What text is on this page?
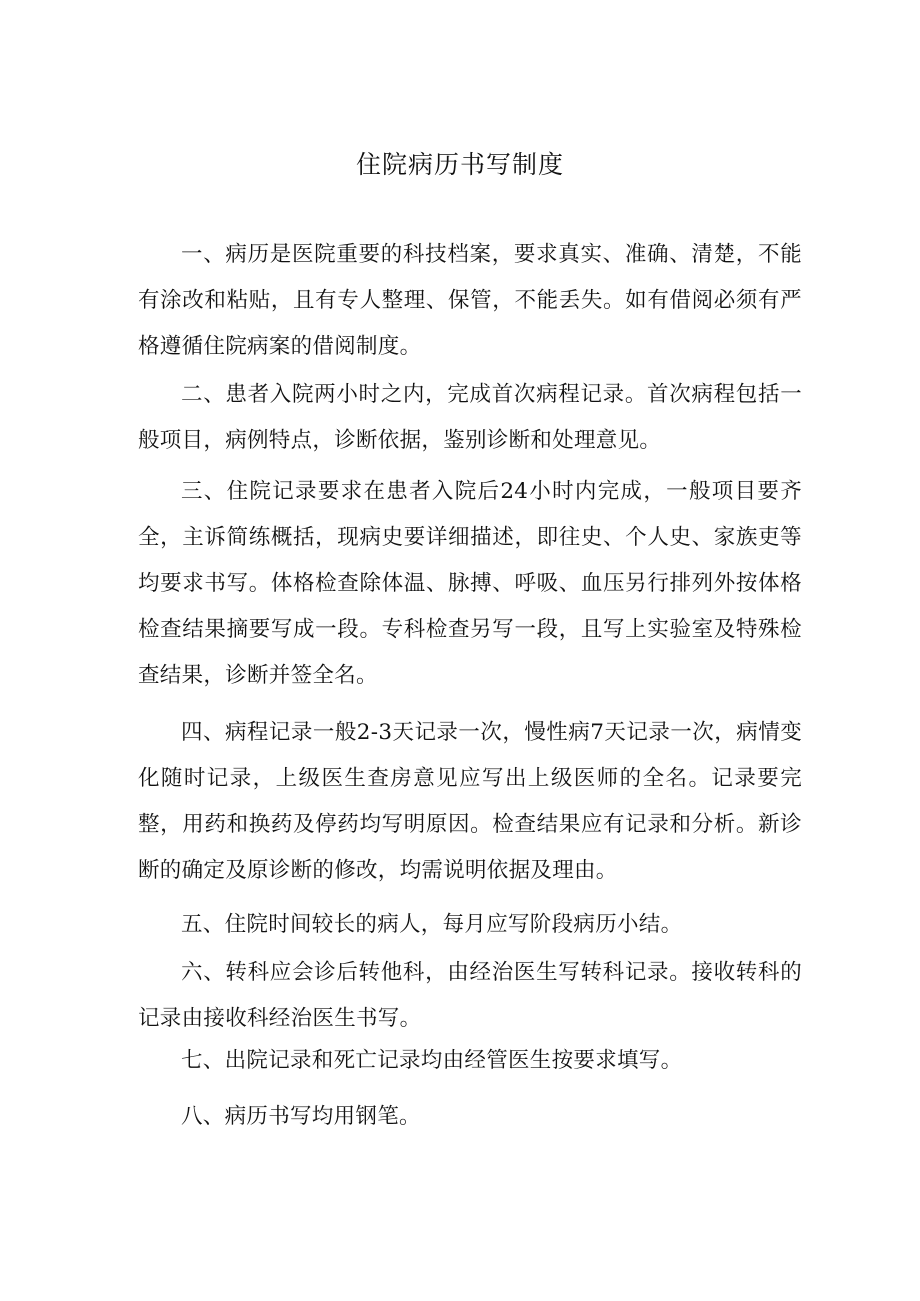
住院病历书写制度

一、病历是医院重要的科技档案，要求真实、准确、清楚，不能有涂改和粘贴，且有专人整理、保管，不能丢失。如有借阅必须有严格遵循住院病案的借阅制度。

二、患者入院两小时之内，完成首次病程记录。首次病程包括一般项目，病例特点，诊断依据，鉴别诊断和处理意见。

三、住院记录要求在患者入院后24小时内完成，一般项目要齐全，主诉简练概括，现病史要详细描述，即往史、个人史、家族吏等均要求书写。体格检查除体温、脉搏、呼吸、血压另行排列外按体格检查结果摘要写成一段。专科检查另写一段，且写上实验室及特殊检查结果，诊断并签全名。

四、病程记录一般2-3天记录一次，慢性病7天记录一次，病情变化随时记录，上级医生查房意见应写出上级医师的全名。记录要完整，用药和换药及停药均写明原因。检查结果应有记录和分析。新诊断的确定及原诊断的修改，均需说明依据及理由。

五、住院时间较长的病人，每月应写阶段病历小结。

六、转科应会诊后转他科，由经治医生写转科记录。接收转科的记录由接收科经治医生书写。

七、出院记录和死亡记录均由经管医生按要求填写。

八、病历书写均用钢笔。
